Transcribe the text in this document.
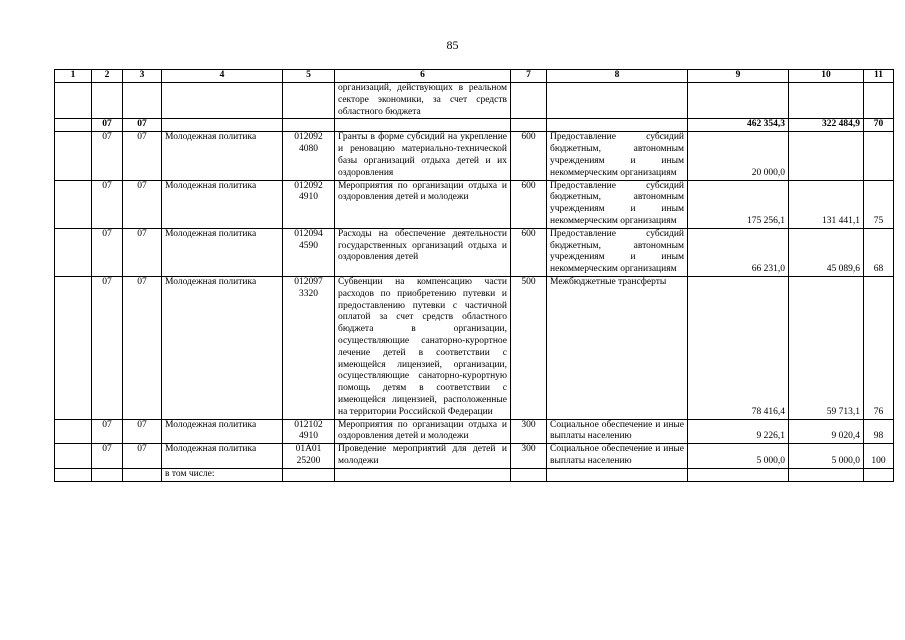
85
1	2	3	4	5	6	7	8	9	10	11
					организаций, действующих в реальном секторе экономики, за счет средств областного бюджета					
	07	07						462 354,3	322 484,9	70
	07	07	Молодежная политика	012092 4080	Гранты в форме субсидий на укрепление и реновацию материально-технической базы организаций отдыха детей и их оздоровления	600	Предоставление субсидий бюджетным, автономным учреждениям и иным некоммерческим организациям	20 000,0		
	07	07	Молодежная политика	012092 4910	Мероприятия по организации отдыха и оздоровления детей и молодежи	600	Предоставление субсидий бюджетным, автономным учреждениям и иным некоммерческим организациям	175 256,1	131 441,1	75
	07	07	Молодежная политика	012094 4590	Расходы на обеспечение деятельности государственных организаций отдыха и оздоровления детей	600	Предоставление субсидий бюджетным, автономным учреждениям и иным некоммерческим организациям	66 231,0	45 089,6	68
	07	07	Молодежная политика	012097 3320	Субвенции на компенсацию части расходов по приобретению путевки и предоставлению путевки с частичной оплатой за счет средств областного бюджета в организации, осуществляющие санаторно-курортное лечение детей в соответствии с имеющейся лицензией, организации, осуществляющие санаторно-курортную помощь детям в соответствии с имеющейся лицензией, расположенные на территории Российской Федерации	500	Межбюджетные трансферты	78 416,4	59 713,1	76
	07	07	Молодежная политика	012102 4910	Мероприятия по организации отдыха и оздоровления детей и молодежи	300	Социальное обеспечение и иные выплаты населению	9 226,1	9 020,4	98
	07	07	Молодежная политика	01А01 25200	Проведение мероприятий для детей и молодежи	300	Социальное обеспечение и иные выплаты населению	5 000,0	5 000,0	100
			в том числе:							
